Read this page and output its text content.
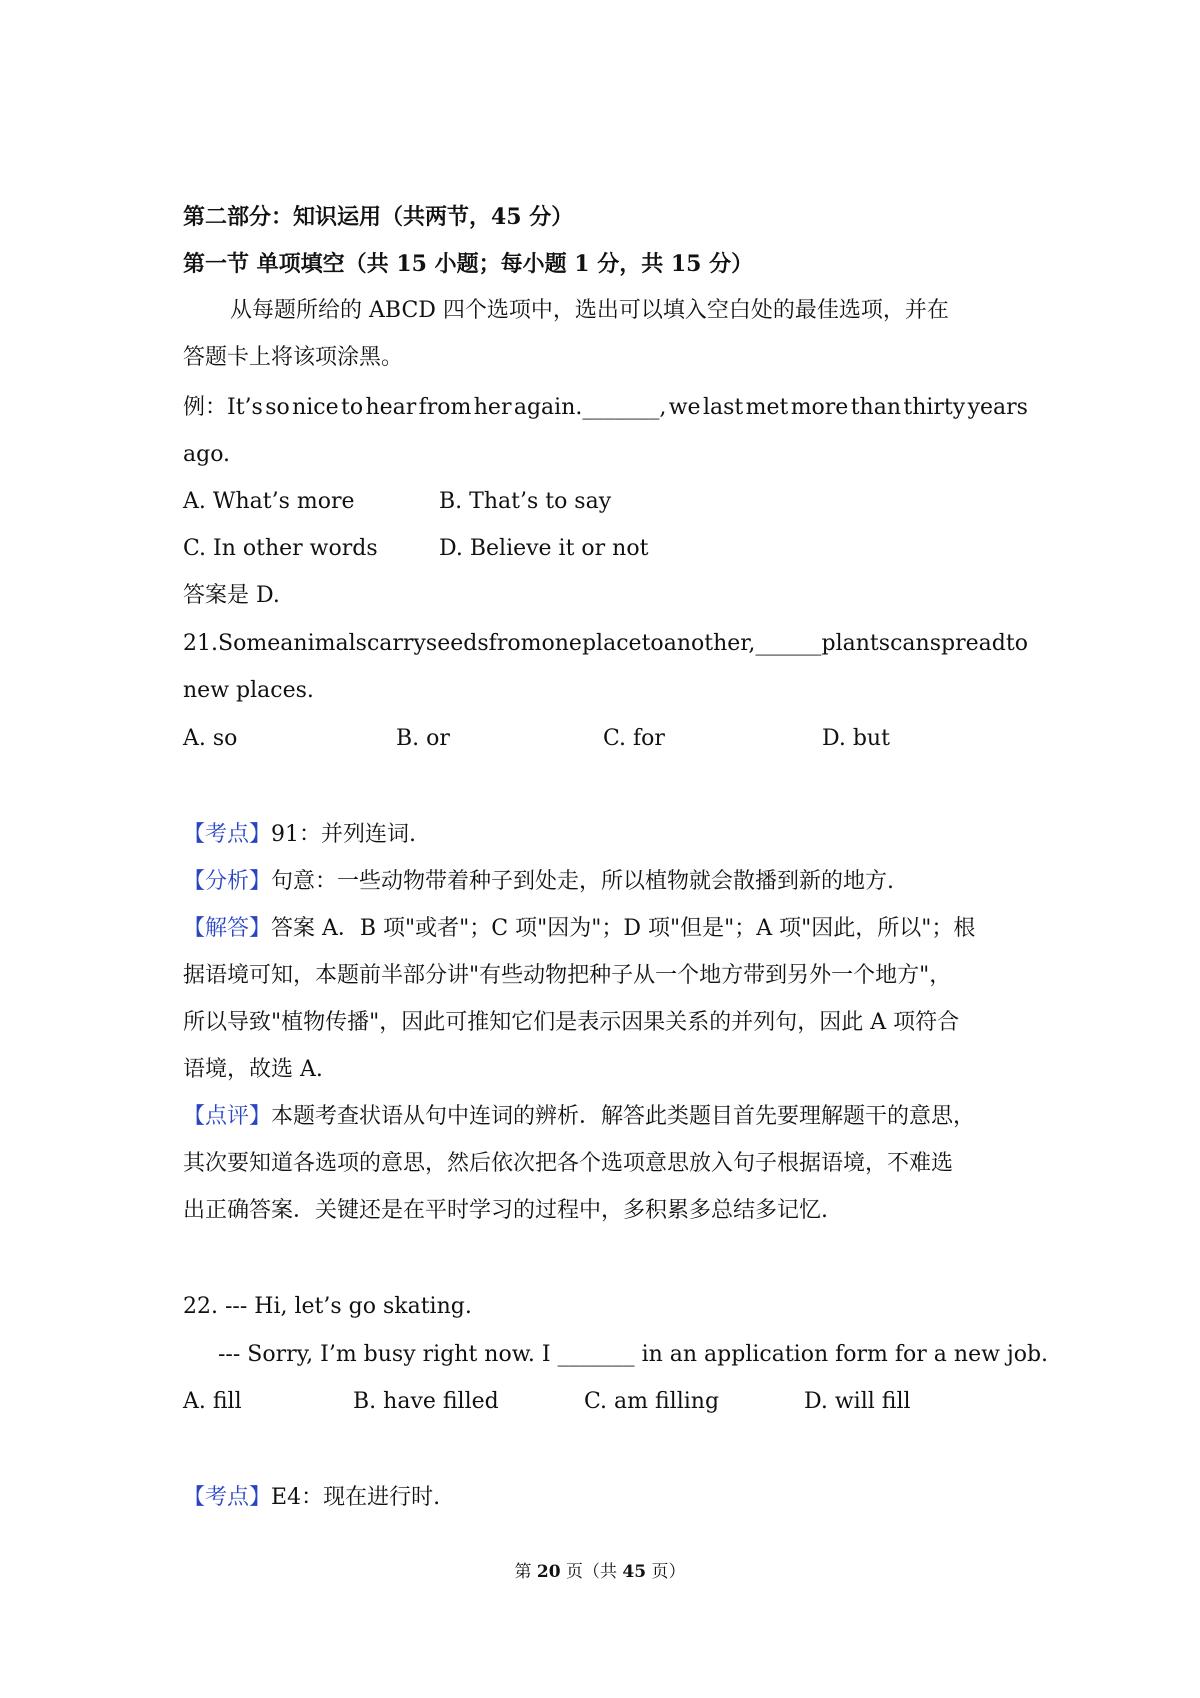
第二部分：知识运用（共两节，45 分）
第一节 单项填空（共 15 小题；每小题 1 分，共 15 分）
从每题所给的 ABCD 四个选项中，选出可以填入空白处的最佳选项，并在
答题卡上将该项涂黑。
例：It’s so nice to hear from her again._______, we last met more than thirty years
ago.
A. What’s more	B. That’s to say
C. In other words	D. Believe it or not
答案是 D.
21. Some animals carry seeds from one place to another, ______ plants can spread to
new places.
A. so	B. or	C. for	D. but
【考点】91：并列连词.
【分析】句意：一些动物带着种子到处走，所以植物就会散播到新的地方.
【解答】答案 A．B 项"或者"；C 项"因为"；D 项"但是"；A 项"因此，所以"；根
据语境可知，本题前半部分讲"有些动物把种子从一个地方带到另外一个地方"，
所以导致"植物传播"，因此可推知它们是表示因果关系的并列句，因此 A 项符合
语境，故选 A.
【点评】本题考查状语从句中连词的辨析．解答此类题目首先要理解题干的意思，
其次要知道各选项的意思，然后依次把各个选项意思放入句子根据语境，不难选
出正确答案．关键还是在平时学习的过程中，多积累多总结多记忆.
22. --- Hi, let’s go skating.
--- Sorry, I’m busy right now. I _______ in an application form for a new job.
A. fill	B. have filled	C. am filling	D. will fill
【考点】E4：现在进行时.
第 20 页（共 45 页）
